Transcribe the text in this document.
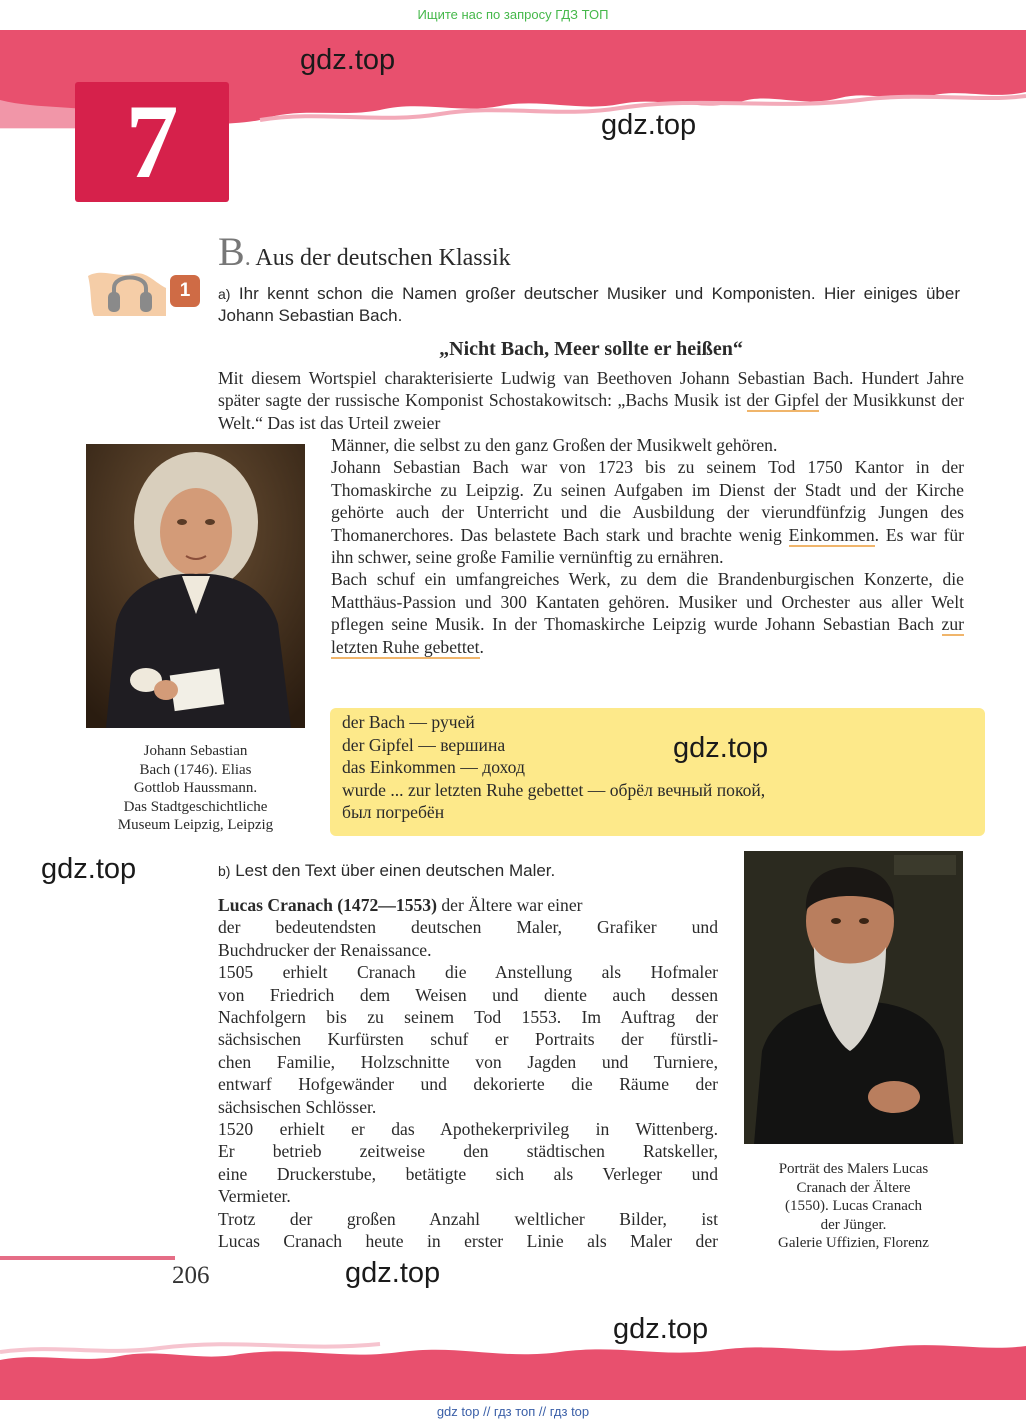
Ищите нас по запросу ГДЗ ТОП
7
gdz.top
gdz.top
B. Aus der deutschen Klassik
1	a) Ihr kennt schon die Namen großer deutscher Musiker und Komponisten. Hier einiges über Johann Sebastian Bach.
„Nicht Bach, Meer sollte er heißen“
Mit diesem Wortspiel charakterisierte Ludwig van Beethoven Johann Sebastian Bach. Hundert Jahre später sagte der russische Komponist Schostakowitsch: „Bachs Musik ist der Gipfel der Musikkunst der Welt.“ Das ist das Urteil zweier
Männer, die selbst zu den ganz Großen der Musikwelt gehören.
Johann Sebastian Bach war von 1723 bis zu seinem Tod 1750 Kantor in der Thomaskirche zu Leipzig. Zu seinen Aufgaben im Dienst der Stadt und der Kirche gehörte auch der Unterricht und die Ausbildung der vierundfünfzig Jungen des Thomanerchores. Das belastete Bach stark und brachte wenig Einkommen. Es war für ihn schwer, seine große Familie vernünftig zu ernähren.
Bach schuf ein umfangreiches Werk, zu dem die Brandenburgischen Konzerte, die Matthäus-Passion und 300 Kantaten gehören. Musiker und Orchester aus aller Welt pflegen seine Musik. In der Thomaskirche Leipzig wurde Johann Sebastian Bach zur letzten Ruhe gebettet.
Johann Sebastian
Bach (1746). Elias
Gottlob Haussmann.
Das Stadtgeschichtliche
Museum Leipzig, Leipzig
der Bach — ручей
der Gipfel — вершина
das Einkommen — доход
wurde ... zur letzten Ruhe gebettet — обрёл вечный покой,
был погребён
gdz.top
gdz.top	b) Lest den Text über einen deutschen Maler.
Lucas Cranach (1472—1553) der Ältere war einer
der bedeutendsten deutschen Maler, Grafiker und
Buchdrucker der Renaissance.
1505 erhielt Cranach die Anstellung als Hofmaler
von Friedrich dem Weisen und diente auch dessen
Nachfolgern bis zu seinem Tod 1553. Im Auftrag der
sächsischen Kurfürsten schuf er Portraits der fürstli-
chen Familie, Holzschnitte von Jagden und Turniere,
entwarf Hofgewänder und dekorierte die Räume der
sächsischen Schlösser.
1520 erhielt er das Apothekerprivileg in Wittenberg.
Er betrieb zeitweise den städtischen Ratskeller,
eine Druckerstube, betätigte sich als Verleger und
Vermieter.
Trotz der großen Anzahl weltlicher Bilder, ist
Lucas Cranach heute in erster Linie als Maler der
Porträt des Malers Lucas
Cranach der Ältere
(1550). Lucas Cranach
der Jünger.
Galerie Uffizien, Florenz
206	gdz.top
gdz.top
gdz top // гдз топ // гдз top
